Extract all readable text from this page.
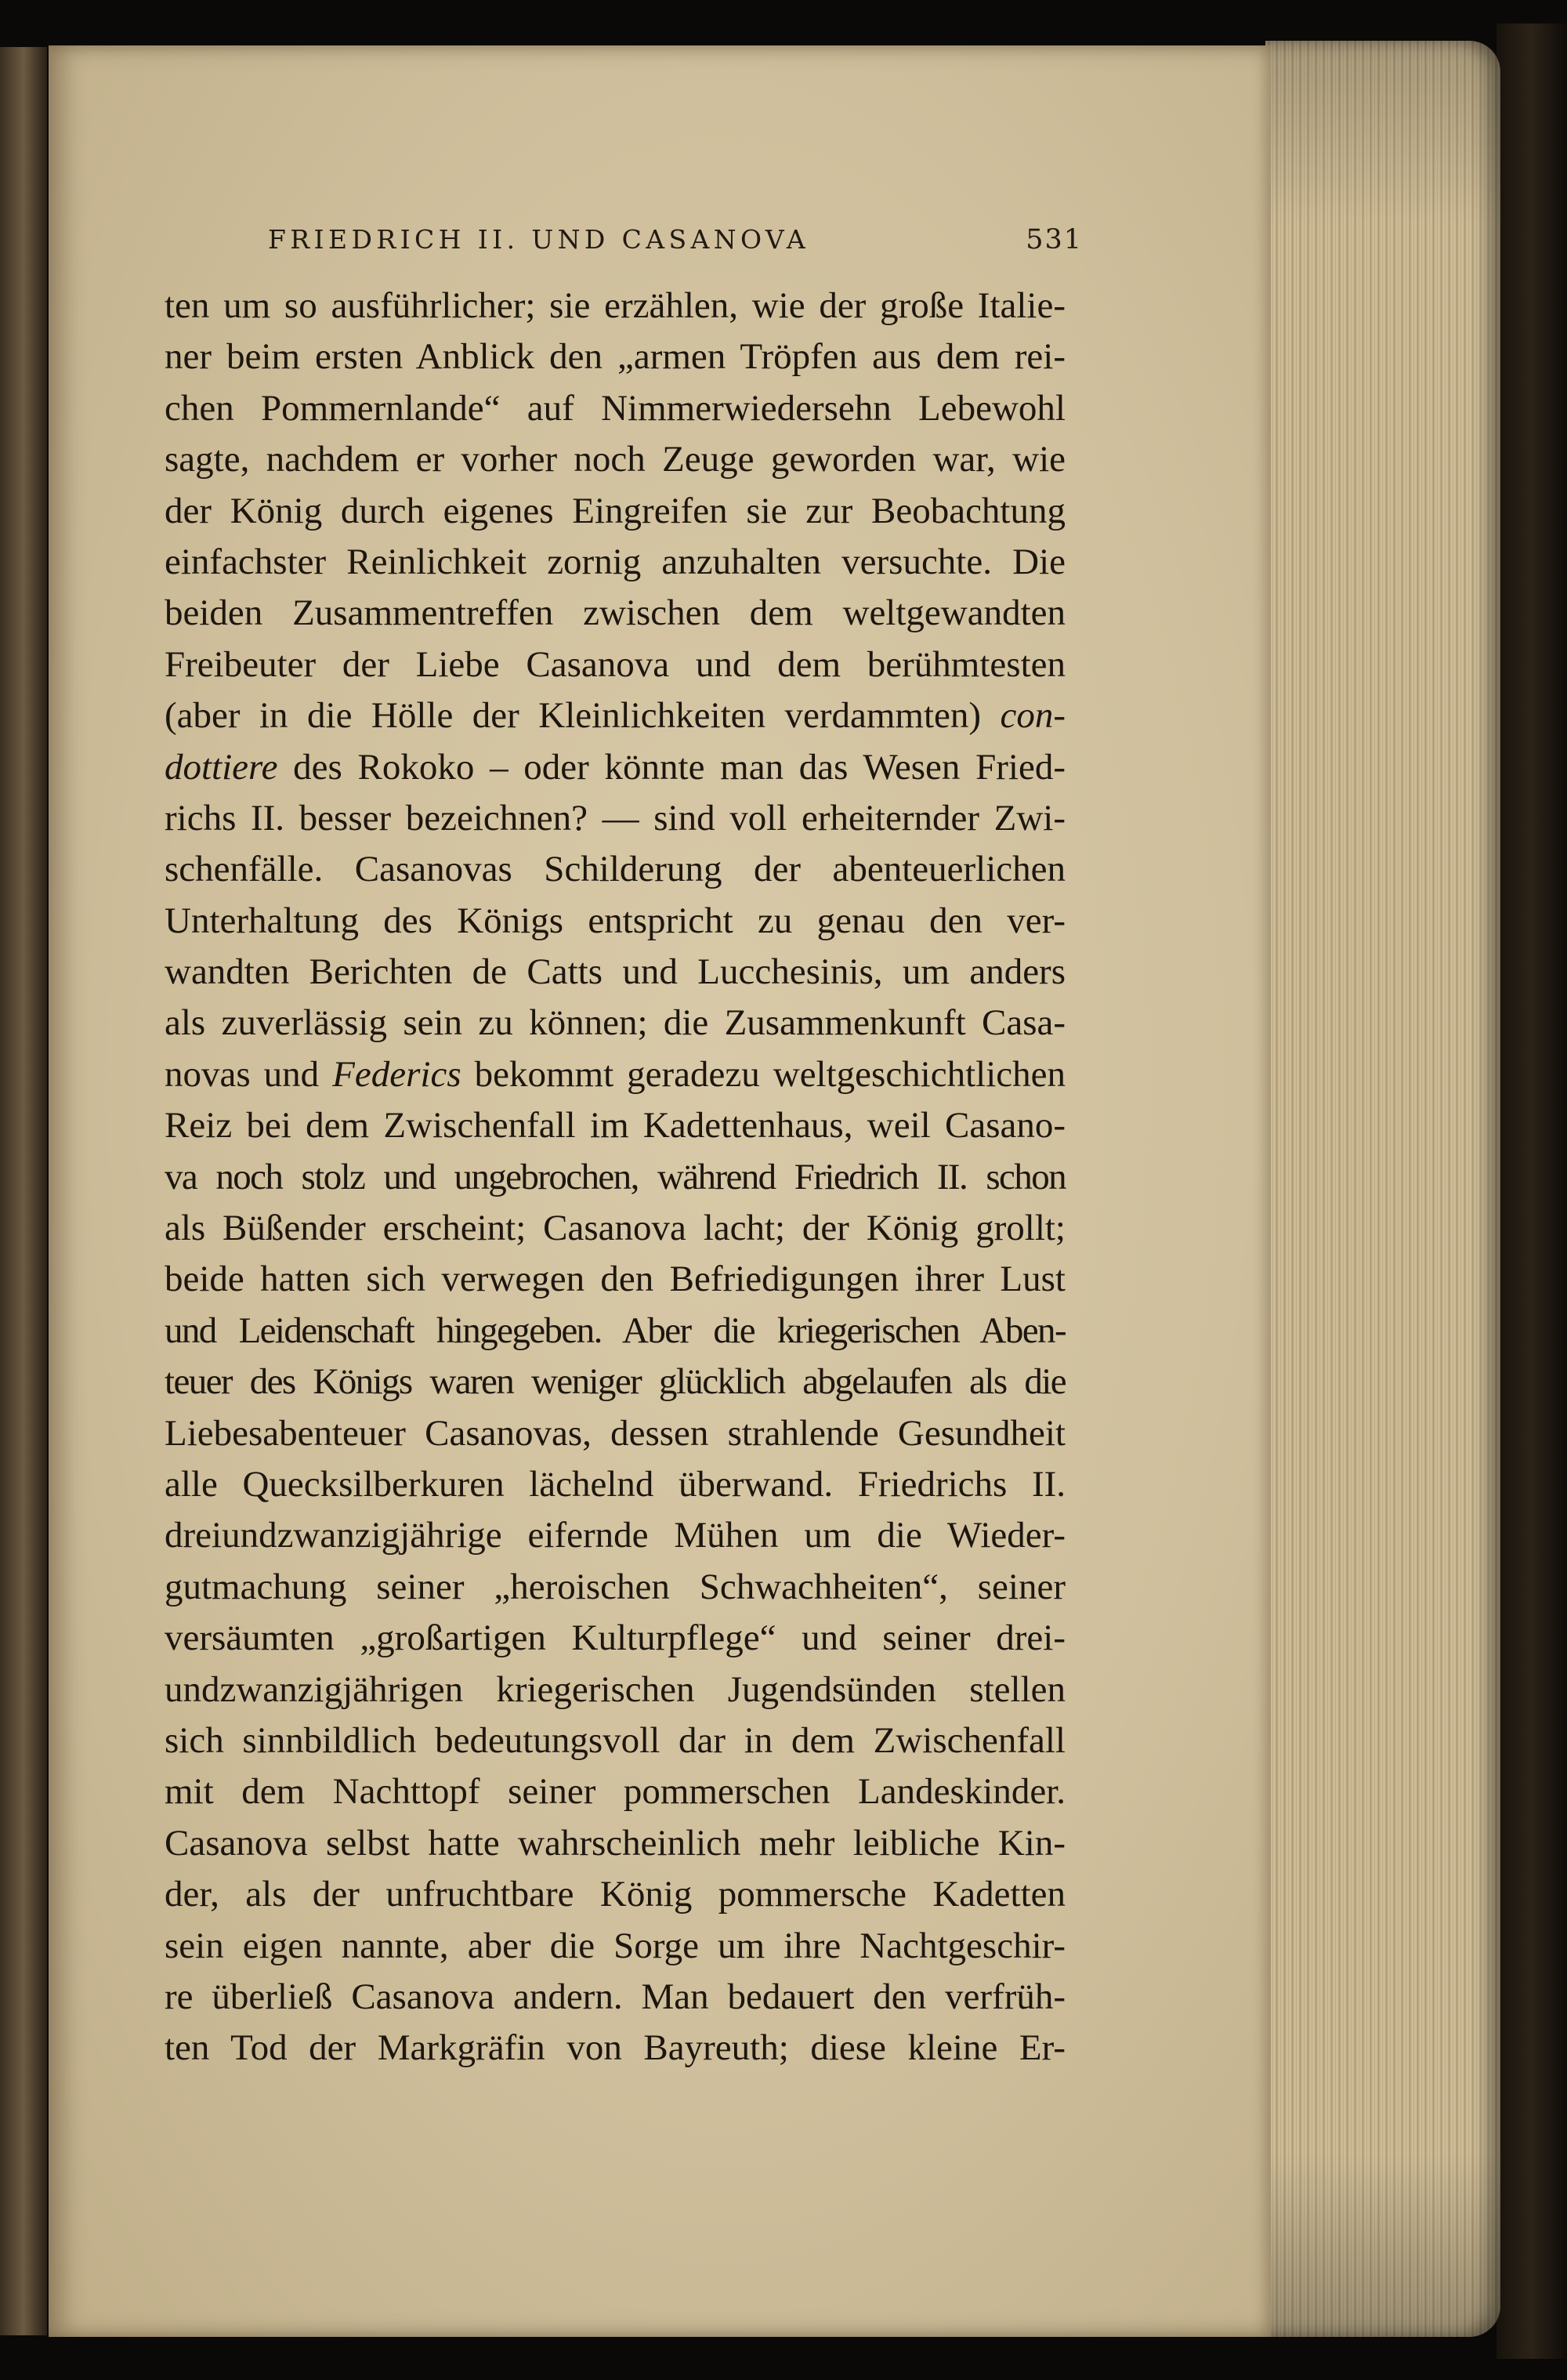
FRIEDRICH II. UND CASANOVA	531
ten um so ausführlicher; sie erzählen, wie der große Italie-
ner beim ersten Anblick den „armen Tröpfen aus dem rei-
chen Pommernlande“ auf Nimmerwiedersehn Lebewohl
sagte, nachdem er vorher noch Zeuge geworden war, wie
der König durch eigenes Eingreifen sie zur Beobachtung
einfachster Reinlichkeit zornig anzuhalten versuchte. Die
beiden Zusammentreffen zwischen dem weltgewandten
Freibeuter der Liebe Casanova und dem berühmtesten
(aber in die Hölle der Kleinlichkeiten verdammten) con-
dottiere des Rokoko – oder könnte man das Wesen Fried-
richs II. besser bezeichnen? — sind voll erheiternder Zwi-
schenfälle. Casanovas Schilderung der abenteuerlichen
Unterhaltung des Königs entspricht zu genau den ver-
wandten Berichten de Catts und Lucchesinis, um anders
als zuverlässig sein zu können; die Zusammenkunft Casa-
novas und Federics bekommt geradezu weltgeschichtlichen
Reiz bei dem Zwischenfall im Kadettenhaus, weil Casano-
va noch stolz und ungebrochen, während Friedrich II. schon
als Büßender erscheint; Casanova lacht; der König grollt;
beide hatten sich verwegen den Befriedigungen ihrer Lust
und Leidenschaft hingegeben. Aber die kriegerischen Aben-
teuer des Königs waren weniger glücklich abgelaufen als die
Liebesabenteuer Casanovas, dessen strahlende Gesundheit
alle Quecksilberkuren lächelnd überwand. Friedrichs II.
dreiundzwanzigjährige eifernde Mühen um die Wieder-
gutmachung seiner „heroischen Schwachheiten“, seiner
versäumten „großartigen Kulturpflege“ und seiner drei-
undzwanzigjährigen kriegerischen Jugendsünden stellen
sich sinnbildlich bedeutungsvoll dar in dem Zwischenfall
mit dem Nachttopf seiner pommerschen Landeskinder.
Casanova selbst hatte wahrscheinlich mehr leibliche Kin-
der, als der unfruchtbare König pommersche Kadetten
sein eigen nannte, aber die Sorge um ihre Nachtgeschir-
re überließ Casanova andern. Man bedauert den verfrüh-
ten Tod der Markgräfin von Bayreuth; diese kleine Er-
